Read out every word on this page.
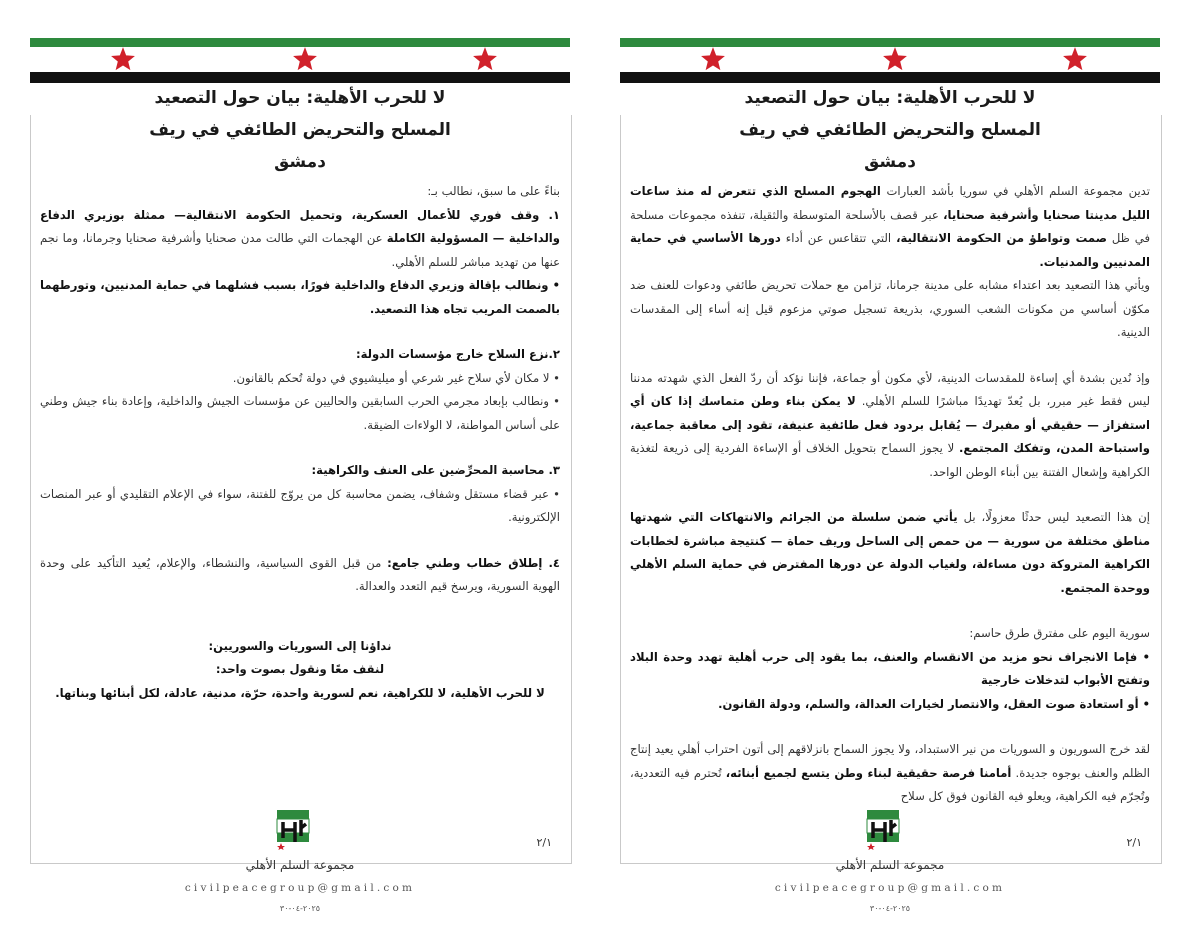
لا للحرب الأهلية: بيان حول التصعيد
المسلح والتحريض الطائفي في ريف
دمشق

بناءً على ما سبق، نطالب بـ:

١. وقف فوري للأعمال العسكرية، وتحميل الحكومة الانتقالية— ممثلة بوزيري الدفاع والداخلية — المسؤولية الكاملة عن الهجمات التي طالت مدن صحنايا وأشرفية صحنايا وجرمانا، وما نجم عنها من تهديد مباشر للسلم الأهلي.

• ونطالب بإقالة وزيري الدفاع والداخلية فورًا، بسبب فشلهما في حماية المدنيين، وتورطهما بالصمت المريب تجاه هذا التصعيد.

٢.نزع السلاح خارج مؤسسات الدولة:

• لا مكان لأي سلاح غير شرعي أو ميليشيوي في دولة تُحكم بالقانون.

• ونطالب بإبعاد مجرمي الحرب السابقين والحاليين عن مؤسسات الجيش والداخلية، وإعادة بناء جيش وطني على أساس المواطنة، لا الولاءات الضيقة.

٣. محاسبة المحرِّضين على العنف والكراهية:

• عبر قضاء مستقل وشفاف، يضمن محاسبة كل من يروّج للفتنة، سواء في الإعلام التقليدي أو عبر المنصات الإلكترونية.

٤. إطلاق خطاب وطني جامع: من قبل القوى السياسية، والنشطاء، والإعلام، يُعيد التأكيد على وحدة الهوية السورية، ويرسخ قيم التعدد والعدالة.

نداؤنا إلى السوريات والسوريين:

لنقف معًا ونقول بصوت واحد:

لا للحرب الأهلية، لا للكراهية، نعم لسورية واحدة، حرّة، مدنية، عادلة، لكل أبنائها وبناتها.

٢/١
مجموعة السلم الأهلي
civilpeacegroup@gmail.com
٢٠٢٥-٠٤-٣٠
لا للحرب الأهلية: بيان حول التصعيد
المسلح والتحريض الطائفي في ريف
دمشق

تدين مجموعة السلم الأهلي في سوريا بأشد العبارات الهجوم المسلح الذي تتعرض له منذ ساعات الليل مدينتا صحنايا وأشرفية صحنايا، عبر قصف بالأسلحة المتوسطة والثقيلة، تنفذه مجموعات مسلحة في ظل صمت وتواطؤ من الحكومة الانتقالية، التي تتقاعس عن أداء دورها الأساسي في حماية المدنيين والمدنيات.

ويأتي هذا التصعيد بعد اعتداء مشابه على مدينة جرمانا، تزامن مع حملات تحريض طائفي ودعوات للعنف ضد مكوّن أساسي من مكونات الشعب السوري، بذريعة تسجيل صوتي مزعوم قيل إنه أساء إلى المقدسات الدينية.

وإذ نُدين بشدة أي إساءة للمقدسات الدينية، لأي مكون أو جماعة، فإننا نؤكد أن ردّ الفعل الذي شهدته مدننا ليس فقط غير مبرر، بل يُعدّ تهديدًا مباشرًا للسلم الأهلي. لا يمكن بناء وطن متماسك إذا كان أي استفزاز — حقيقي أو مفبرك — يُقابل بردود فعل طائفية عنيفة، تقود إلى معاقبة جماعية، واستباحة المدن، وتفكك المجتمع. لا يجوز السماح بتحويل الخلاف أو الإساءة الفردية إلى ذريعة لتغذية الكراهية وإشعال الفتنة بين أبناء الوطن الواحد.

إن هذا التصعيد ليس حدثًا معزولًا، بل يأتي ضمن سلسلة من الجرائم والانتهاكات التي شهدتها مناطق مختلفة من سورية — من حمص إلى الساحل وريف حماة — كنتيجة مباشرة لخطابات الكراهية المتروكة دون مساءلة، ولغياب الدولة عن دورها المفترض في حماية السلم الأهلي ووحدة المجتمع.

سورية اليوم على مفترق طرق حاسم:

• فإما الانجراف نحو مزيد من الانقسام والعنف، بما يقود إلى حرب أهلية تهدد وحدة البلاد وتفتح الأبواب لتدخلات خارجية

• أو استعادة صوت العقل، والانتصار لخيارات العدالة، والسلم، ودولة القانون.

لقد خرج السوريون و السوريات من نير الاستبداد، ولا يجوز السماح بانزلاقهم إلى أتون احتراب أهلي يعيد إنتاج الظلم والعنف بوجوه جديدة. أمامنا فرصة حقيقية لبناء وطن يتسع لجميع أبنائه، تُحترم فيه التعددية، وتُجرّم فيه الكراهية، ويعلو فيه القانون فوق كل سلاح

٢/١
مجموعة السلم الأهلي
civilpeacegroup@gmail.com
٢٠٢٥-٠٤-٣٠
